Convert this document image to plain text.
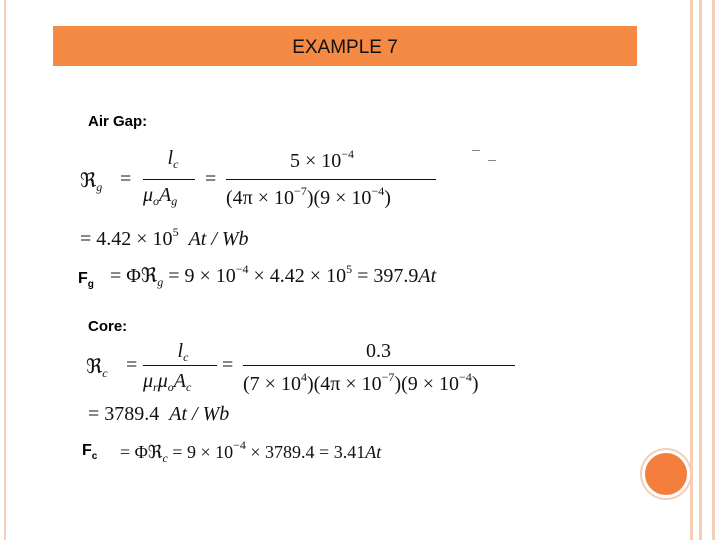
EXAMPLE 7
Air Gap:
ℜ$_g$ =
$l_c$
$\mu_oA_g$
=
$5 \times 10^{-4}$
$(4\pi \times 10^{-7})(9 \times 10^{-4})$
= $4.42 \times 10^5$ At / Wb
$F_g$ = Φℜ$_g$ = $9 \times 10^{-4} \times 4.42 \times 10^5 = 397.9At$
Core:
ℜ$_c$ =
$l_c$
$\mu_r\mu_oA_c$
=
0.3
$(7 \times 10^4)(4\pi \times 10^{-7})(9 \times 10^{-4})$
= 3789.4 At / Wb
$F_c$ = Φℜ$_c$ = $9 \times 10^{-4} \times 3789.4 = 3.41At$
